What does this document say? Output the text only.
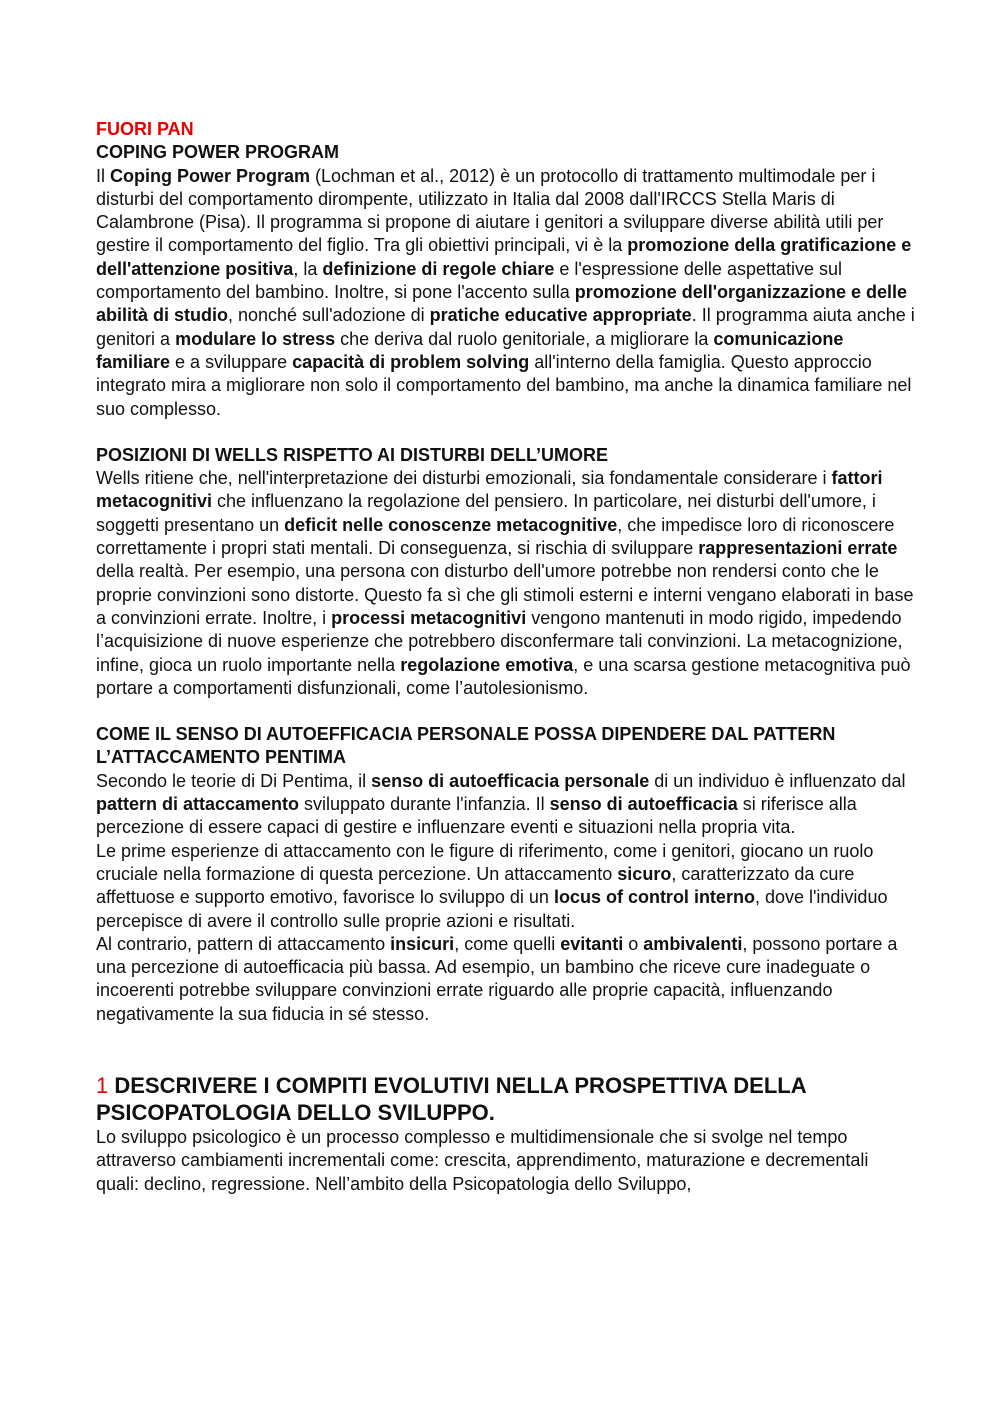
FUORI PAN
COPING POWER PROGRAM

Il Coping Power Program (Lochman et al., 2012) è un protocollo di trattamento multimodale per i disturbi del comportamento dirompente, utilizzato in Italia dal 2008 dall'IRCCS Stella Maris di Calambrone (Pisa). Il programma si propone di aiutare i genitori a sviluppare diverse abilità utili per gestire il comportamento del figlio. Tra gli obiettivi principali, vi è la promozione della gratificazione e dell'attenzione positiva, la definizione di regole chiare e l'espressione delle aspettative sul comportamento del bambino. Inoltre, si pone l'accento sulla promozione dell'organizzazione e delle abilità di studio, nonché sull'adozione di pratiche educative appropriate. Il programma aiuta anche i genitori a modulare lo stress che deriva dal ruolo genitoriale, a migliorare la comunicazione familiare e a sviluppare capacità di problem solving all'interno della famiglia. Questo approccio integrato mira a migliorare non solo il comportamento del bambino, ma anche la dinamica familiare nel suo complesso.

POSIZIONI DI WELLS RISPETTO AI DISTURBI DELL’UMORE

Wells ritiene che, nell'interpretazione dei disturbi emozionali, sia fondamentale considerare i fattori metacognitivi che influenzano la regolazione del pensiero. In particolare, nei disturbi dell'umore, i soggetti presentano un deficit nelle conoscenze metacognitive, che impedisce loro di riconoscere correttamente i propri stati mentali. Di conseguenza, si rischia di sviluppare rappresentazioni errate della realtà. Per esempio, una persona con disturbo dell'umore potrebbe non rendersi conto che le proprie convinzioni sono distorte. Questo fa sì che gli stimoli esterni e interni vengano elaborati in base a convinzioni errate. Inoltre, i processi metacognitivi vengono mantenuti in modo rigido, impedendo l’acquisizione di nuove esperienze che potrebbero disconfermare tali convinzioni. La metacognizione, infine, gioca un ruolo importante nella regolazione emotiva, e una scarsa gestione metacognitiva può portare a comportamenti disfunzionali, come l’autolesionismo.

COME IL SENSO DI AUTOEFFICACIA PERSONALE POSSA DIPENDERE DAL PATTERN L’ATTACCAMENTO PENTIMA

Secondo le teorie di Di Pentima, il senso di autoefficacia personale di un individuo è influenzato dal pattern di attaccamento sviluppato durante l'infanzia. Il senso di autoefficacia si riferisce alla percezione di essere capaci di gestire e influenzare eventi e situazioni nella propria vita.

Le prime esperienze di attaccamento con le figure di riferimento, come i genitori, giocano un ruolo cruciale nella formazione di questa percezione. Un attaccamento sicuro, caratterizzato da cure affettuose e supporto emotivo, favorisce lo sviluppo di un locus of control interno, dove l'individuo percepisce di avere il controllo sulle proprie azioni e risultati.

Al contrario, pattern di attaccamento insicuri, come quelli evitanti o ambivalenti, possono portare a una percezione di autoefficacia più bassa. Ad esempio, un bambino che riceve cure inadeguate o incoerenti potrebbe sviluppare convinzioni errate riguardo alle proprie capacità, influenzando negativamente la sua fiducia in sé stesso.

1 DESCRIVERE I COMPITI EVOLUTIVI NELLA PROSPETTIVA DELLA PSICOPATOLOGIA DELLO SVILUPPO.

Lo sviluppo psicologico è un processo complesso e multidimensionale che si svolge nel tempo attraverso cambiamenti incrementali come: crescita, apprendimento, maturazione e decrementali   quali: declino, regressione. Nell’ambito della Psicopatologia dello Sviluppo,
